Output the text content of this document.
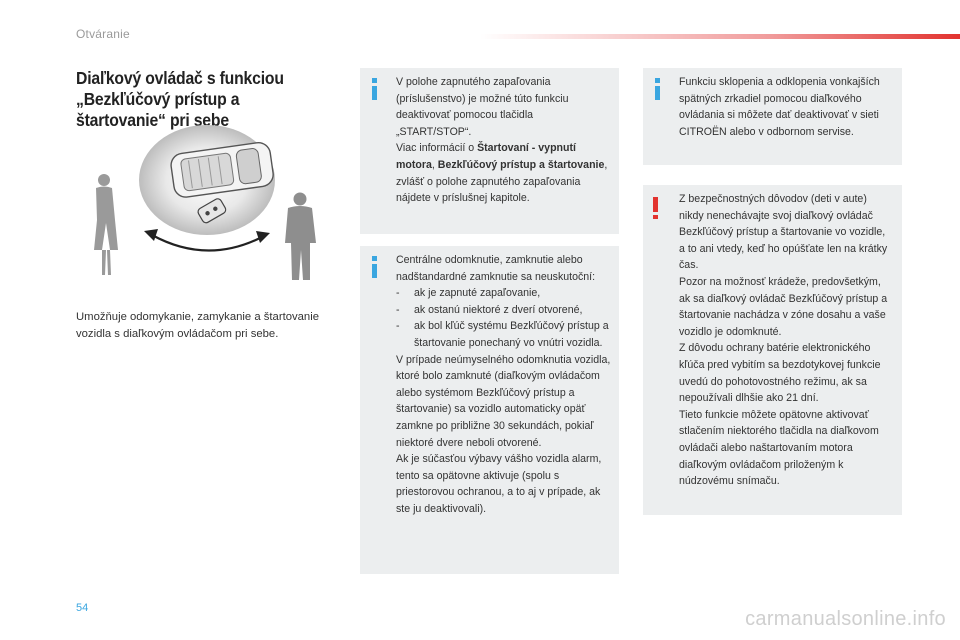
Otváranie
Diaľkový ovládač s funkciou „Bezkľúčový prístup a štartovanie“ pri sebe

Umožňuje odomykanie, zamykanie a štartovanie vozidla s diaľkovým ovládačom pri sebe.

V polohe zapnutého zapaľovania (príslušenstvo) je možné túto funkciu deaktivovať pomocou tlačidla „START/STOP“.

Viac informácií o Štartovaní - vypnutí motora, Bezkľúčový prístup a štartovanie, zvlášť o polohe zapnutého zapaľovania nájdete v príslušnej kapitole.

Centrálne odomknutie, zamknutie alebo nadštandardné zamknutie sa neuskutoční:

- ak je zapnuté zapaľovanie,
- ak ostanú niektoré z dverí otvorené,
- ak bol kľúč systému Bezkľúčový prístup a štartovanie ponechaný vo vnútri vozidla.

V prípade neúmyselného odomknutia vozidla, ktoré bolo zamknuté (diaľkovým ovládačom alebo systémom Bezkľúčový prístup a štartovanie) sa vozidlo automaticky opäť zamkne po približne 30 sekundách, pokiaľ niektoré dvere neboli otvorené.

Ak je súčasťou výbavy vášho vozidla alarm, tento sa opätovne aktivuje (spolu s priestorovou ochranou, a to aj v prípade, ak ste ju deaktivovali).

Funkciu sklopenia a odklopenia vonkajších spätných zrkadiel pomocou diaľkového ovládania si môžete dať deaktivovať v sieti CITROËN alebo v odbornom servise.

Z bezpečnostných dôvodov (deti v aute) nikdy nenechávajte svoj diaľkový ovládač Bezkľúčový prístup a štartovanie vo vozidle, a to ani vtedy, keď ho opúšťate len na krátky čas.

Pozor na možnosť krádeže, predovšetkým, ak sa diaľkový ovládač Bezkľúčový prístup a štartovanie nachádza v zóne dosahu a vaše vozidlo je odomknuté.

Z dôvodu ochrany batérie elektronického kľúča pred vybitím sa bezdotykovej funkcie uvedú do pohotovostného režimu, ak sa nepoužívali dlhšie ako 21 dní.

Tieto funkcie môžete opätovne aktivovať stlačením niektorého tlačidla na diaľkovom ovládači alebo naštartovaním motora diaľkovým ovládačom priloženým k núdzovému snímaču.

54	carmanualsonline.info
